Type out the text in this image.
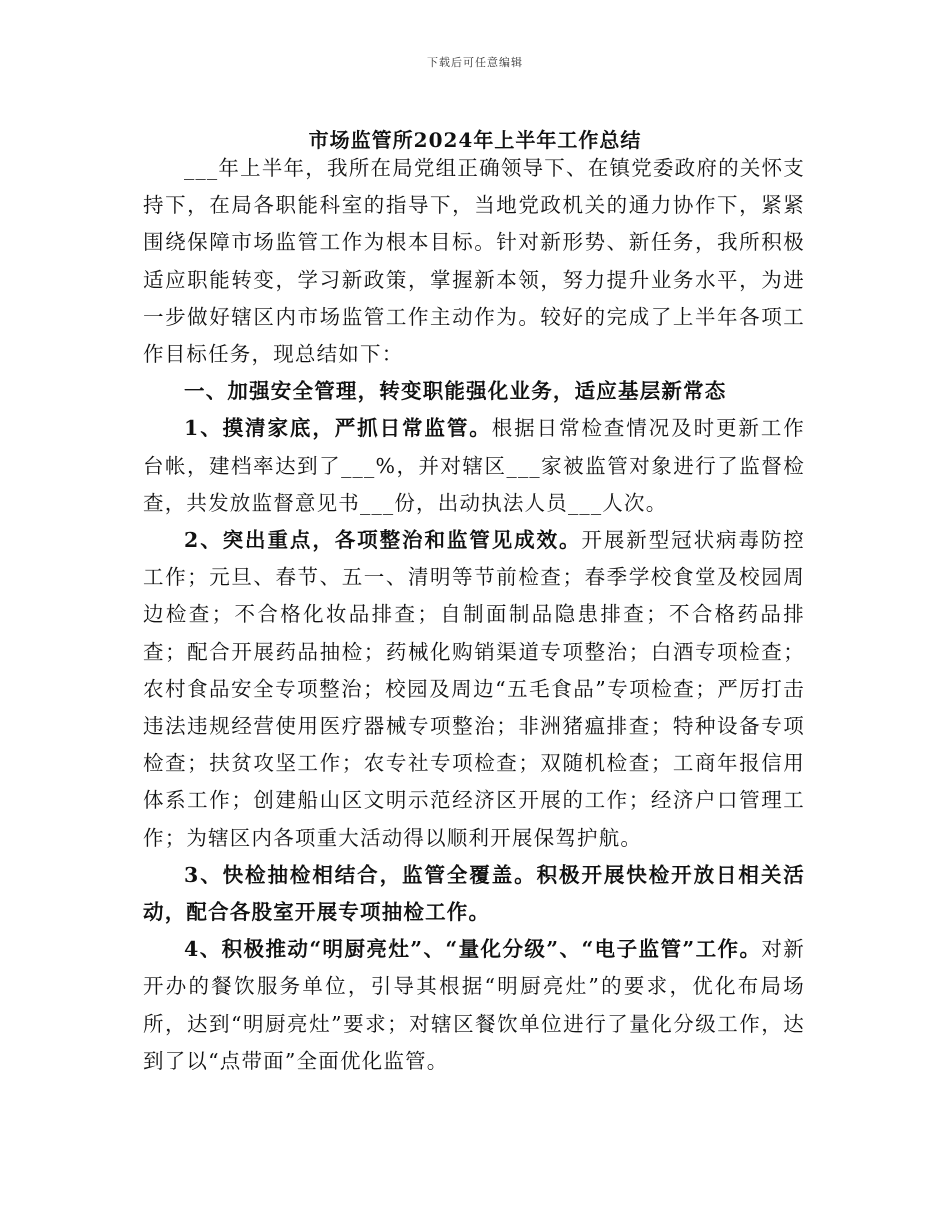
下载后可任意编辑
市场监管所2024年上半年工作总结

___年上半年，我所在局党组正确领导下、在镇党委政府的关怀支持下，在局各职能科室的指导下，当地党政机关的通力协作下，紧紧围绕保障市场监管工作为根本目标。针对新形势、新任务，我所积极适应职能转变，学习新政策，掌握新本领，努力提升业务水平，为进一步做好辖区内市场监管工作主动作为。较好的完成了上半年各项工作目标任务，现总结如下：

一、加强安全管理，转变职能强化业务，适应基层新常态

1、摸清家底，严抓日常监管。根据日常检查情况及时更新工作台帐，建档率达到了___%，并对辖区___家被监管对象进行了监督检查，共发放监督意见书___份，出动执法人员___人次。

2、突出重点，各项整治和监管见成效。开展新型冠状病毒防控工作；元旦、春节、五一、清明等节前检查；春季学校食堂及校园周边检查；不合格化妆品排查；自制面制品隐患排查；不合格药品排查；配合开展药品抽检；药械化购销渠道专项整治；白酒专项检查；农村食品安全专项整治；校园及周边“五毛食品”专项检查；严厉打击违法违规经营使用医疗器械专项整治；非洲猪瘟排查；特种设备专项检查；扶贫攻坚工作；农专社专项检查；双随机检查；工商年报信用体系工作；创建船山区文明示范经济区开展的工作；经济户口管理工作；为辖区内各项重大活动得以顺利开展保驾护航。

3、快检抽检相结合，监管全覆盖。积极开展快检开放日相关活动，配合各股室开展专项抽检工作。

4、积极推动“明厨亮灶”、“量化分级”、“电子监管”工作。对新开办的餐饮服务单位，引导其根据“明厨亮灶”的要求，优化布局场所，达到“明厨亮灶”要求；对辖区餐饮单位进行了量化分级工作，达到了以“点带面”全面优化监管。
